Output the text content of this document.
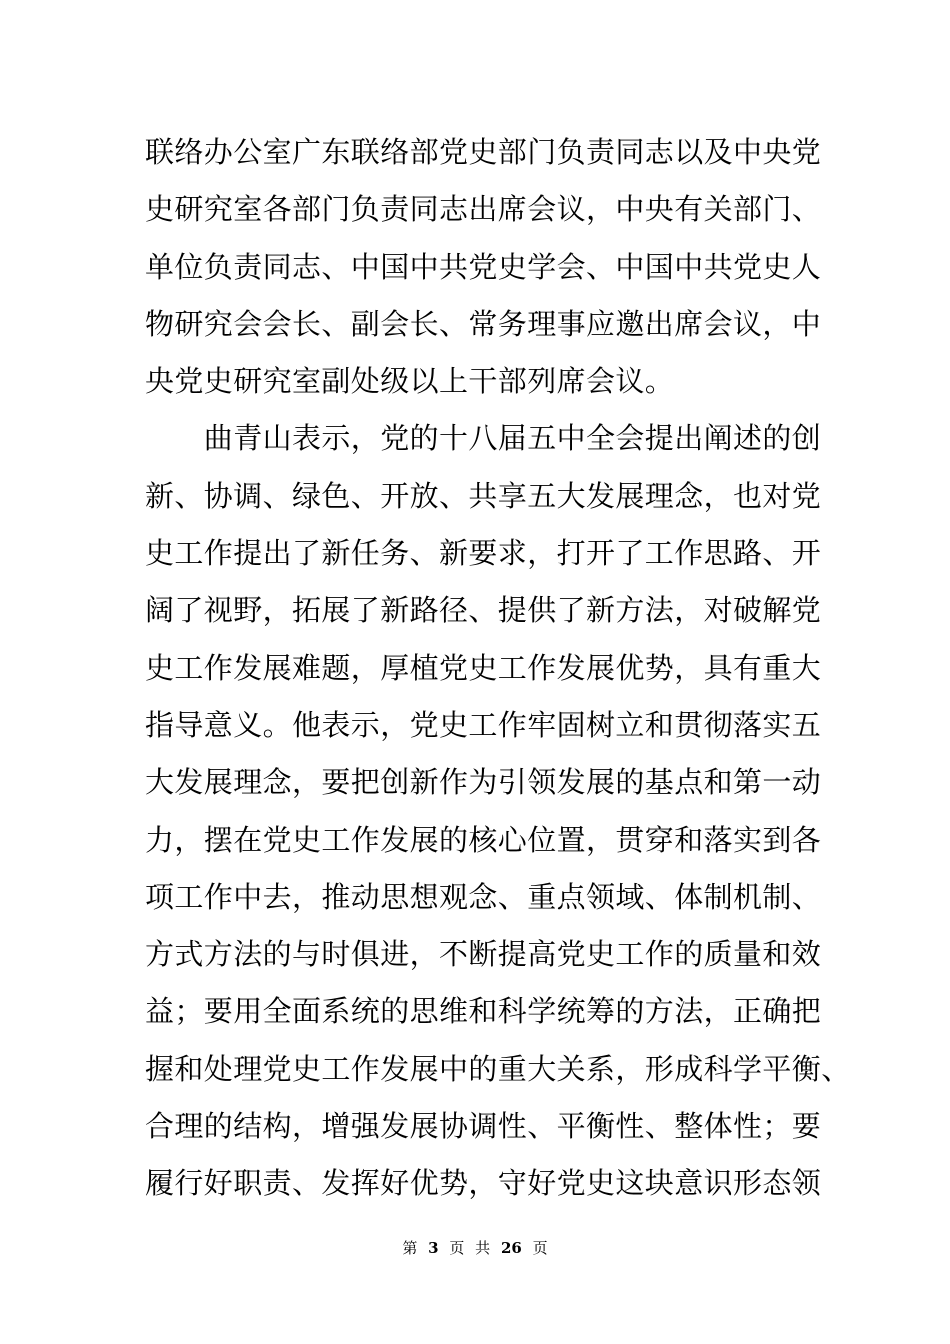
联络办公室广东联络部党史部门负责同志以及中央党
史研究室各部门负责同志出席会议，中央有关部门、
单位负责同志、中国中共党史学会、中国中共党史人
物研究会会长、副会长、常务理事应邀出席会议，中
央党史研究室副处级以上干部列席会议。
　　曲青山表示，党的十八届五中全会提出阐述的创
新、协调、绿色、开放、共享五大发展理念，也对党
史工作提出了新任务、新要求，打开了工作思路、开
阔了视野，拓展了新路径、提供了新方法，对破解党
史工作发展难题，厚植党史工作发展优势，具有重大
指导意义。他表示，党史工作牢固树立和贯彻落实五
大发展理念，要把创新作为引领发展的基点和第一动
力，摆在党史工作发展的核心位置，贯穿和落实到各
项工作中去，推动思想观念、重点领域、体制机制、
方式方法的与时俱进，不断提高党史工作的质量和效
益；要用全面系统的思维和科学统筹的方法，正确把
握和处理党史工作发展中的重大关系，形成科学平衡、
合理的结构，增强发展协调性、平衡性、整体性；要
履行好职责、发挥好优势，守好党史这块意识形态领
第 3 页 共 26 页
